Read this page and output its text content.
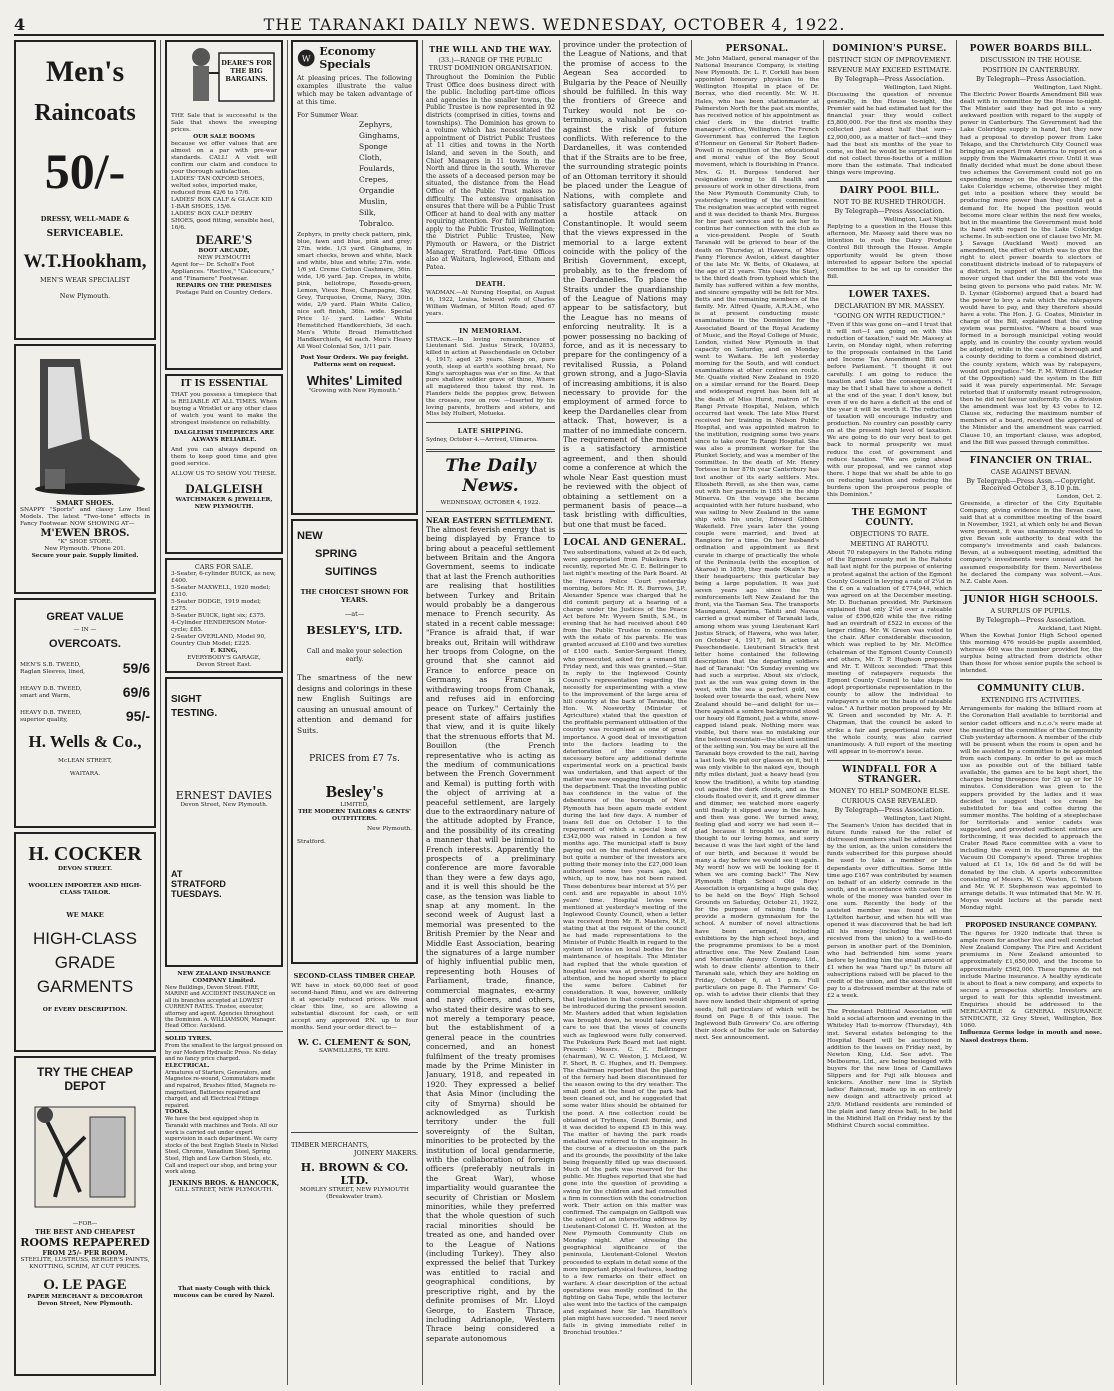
4	THE TARANAKI DAILY NEWS. WEDNESDAY, OCTOBER 4, 1922.
Men's
Raincoats
50/-
DRESSY, WELL-MADE &
SERVICEABLE.
W.T.Hookham,
MEN'S WEAR SPECIALIST
New Plymouth.
SMART SHOES.
SNAPPY "Sports" and classy Low Heel Models. The latest "Two-tone" effects in Fancy Footwear. NOW SHOWING AT—
M'EWEN BROS.
"K" SHOE STORE.
New Plymouth. 'Phone 201.
Secure your pair. Supply limited.
GREAT VALUE
— IN —
OVERCOATS.
MEN'S S.B. TWEED, Raglan Sleeves, lined,	59/6
HEAVY D.B. TWEED, smart and Warm,	69/6
HEAVY D.B. TWEED, superior quality,	95/-
H. Wells & Co.,
McLEAN STREET,
WAITARA.
H. COCKER
DEVON STREET.
WOOLLEN IMPORTER AND HIGH-CLASS TAILOR.
WE MAKE
HIGH-CLASS
GRADE
GARMENTS
OF EVERY DESCRIPTION.
TRY THE CHEAP DEPOT
—FOR—
THE BEST AND CHEAPEST
ROOMS REPAPERED
FROM 25/- PER ROOM.
STEELITE, LUSTRUSS, BERGER'S PAINTS, KNOTTING, SCRIM, AT CUT PRICES.
O. LE PAGE
PAPER MERCHANT & DECORATOR
Devon Street, New Plymouth.
DEARE'S FOR THE BIG BARGAINS.
THE Sale that is successful is the Sale that shows the sweeping prices.
OUR SALE BOOMS
because we offer values that are almost on a par with pre-war standards. CALL! A visit will confirm our claim and conduce to your thorough satisfaction.
LADIES' TAN OXFORD SHOES, welted soles, imported make, reduced from 42/6 to 17/6.
LADIES' BOX CALF & GLACE KID 1-BAR SHOES, 15/6.
LADIES' BOX CALF DERBY SHOES, good fitting, sensible heel, 16/6.
DEARE'S
BOOT ARCADE,
NEW PLYMOUTH
Agent for— Dr. Scholl's Foot Appliances. "Rective," "Calcecure," and "Finamere" Footwear.
REPAIRS ON THE PREMISES
Postage Paid on Country Orders.
IT IS ESSENTIAL
THAT you possess a timepiece that is RELIABLE AT ALL TIMES. When buying a Wristlet or any other class of watch you want to make the strongest insistence on reliability.
DALGLEISH TIMEPIECES ARE ALWAYS RELIABLE.
And you can always depend on them to keep good time and give good service.
ALLOW US TO SHOW YOU THESE.
DALGLEISH
WATCHMAKER & JEWELLER, NEW PLYMOUTH.
CARS FOR SALE.
3-Seater, 6-cylinder BUICK, as new, £400.
5-Seater MAXWELL, 1920 model; £310.
5-Seater DODGE, 1919 model; £275.
5-Seater BUICK, light six; £375.
4-Cylinder HENDERSON Motor-cycle; £85.
2-Seater OVERLAND, Model 90, Country Club Model; £225.
F. KING,
EVERYBODY'S GARAGE,
Devon Street East.
SIGHT
TESTING.
ERNEST DAVIES
Devon Street, New Plymouth.
AT
STRATFORD
TUESDAYS.
NEW ZEALAND INSURANCE COMPANY Limited.
New Buildings, Devon Street. FIRE, MARINE and ACCIDENT INSURANCE on all its branches accepted at LOWEST CURRENT RATES. Trustee, executor, attorney and agent. Agencies throughout the Dominion. A. WILLIAMSON, Manager. Head Office: Auckland.
SOLID TYRES.
From the smallest to the largest pressed on by our Modern Hydraulic Press. No delay and no fancy price charged.
ELECTRICAL.
Armatures of Starters, Generators, and Magnetos re-wound, Commutators made and repaired, Brushes fitted, Magnets re-magnetised, Batteries repaired and charged, and all Electrical Fittings repaired.
TOOLS.
We have the best equipped shop in Taranaki with machines and Tools. All our work is carried out under expert supervision in each department. We carry stocks of the best English Steels in Nickel Steel, Chrome, Vanadium Steel, Spring Steel, High and Low Carbon Steels, etc. Call and inspect our shop, and bring your work along.
JENKINS BROS. & HANCOCK,
GILL STREET, NEW PLYMOUTH.
That nasty Cough with thick mucous can be cured by Nazol.
W
Economy Specials
At pleasing prices. The following examples illustrate the value which may be taken advantage of at this time.
For Summer Wear.
Zephyrs,
Ginghams,
Sponge
Cloth,
Foulards,
Crepes,
Organdie
Muslin,
Silk,
Tobralco.
Zephyrs, in pretty check pattern, pink, blue, fawn and blue, pink and grey; 27in. wide. 1/3 yard. Ginghams, in smart checks, brown and white, black and white, blue and white; 27in. wide. 1/6 yd. Creme Cotton Cashmere, 36in. wide, 1/6 yard. Jap. Crepes, in white, pink, heliotrope, Rosedu-green, Lemon, Vieux Rose, Champagne, Sky, Grey, Turquoise, Creme, Navy, 30in. wide, 2/9 yard. Plain White Calico, nice soft finish, 36in. wide. Special Price 1/- yard. Ladies' White Hemstitched Handkerchiefs, 3d each. Men's White Broad Hemstitched Handkerchiefs, 4d each. Men's Heavy All Wool Colonial Sox, 1/11 pair.
Post Your Orders. We pay freight. Patterns sent on request.
Whites' Limited
"Growing with New Plymouth."
NEW
SPRING
SUITINGS
THE CHOICEST SHOWN FOR YEARS.
—at—
BESLEY'S, LTD.
Call and make your selection early.
The smartness of the new designs and colorings in these new English Suitings are causing an unusual amount of attention and demand for Suits.
PRICES from £7 7s.
Besley's
LIMITED,
THE MODERN TAILORS & GENTS' OUTFITTERS.
New Plymouth.
Stratford.
SECOND-CLASS TIMBER CHEAP.
WE have in stock 60,000 feet of good second-hand Rimu, and we are delivering it at specially reduced prices. We must clear this line, so are allowing a substantial discount for cash, or will accept any approved P.N. up to four months. Send your order direct to—
W. C. CLEMENT & SON,
SAWMILLERS, TE KIRI.
TIMBER MERCHANTS,
JOINERY MAKERS.
H. BROWN & CO. LTD.
MORLEY STREET, NEW PLYMOUTH (Breakwater tram).
THE WILL AND THE WAY.
(33.)—RANGE OF THE PUBLIC TRUST DOMINION ORGANISATION.
Throughout the Dominion the Public Trust Office does business direct with the public. Including part-time offices and agencies in the smaller towns, the Public Trustee is now represented in 92 districts (comprised in cities, towns and townships). The Dominion has grown to a volume which has necessitated the appointment of District Public Trustees at 11 cities and towns in the North Island, and seven in the South, and Chief Managers in 11 towns in the North and three in the south. Wherever the assets of a deceased person may be situated, the distance from the Head Office of the Public Trust makes no difficulty. The extensive organisation ensures that there will be a Public Trust Officer at hand to deal with any matter requiring attention. For full information apply to the Public Trustee, Wellington; the District Public Trustee, New Plymouth or Hawera, or the District Manager, Stratford. Part-time Offices also at Waitara, Inglewood, Eltham and Patea.
DEATH.
WADMAN.—At Nursing Hospital, on August 16, 1922, Louisa, beloved wife of Charles William Wadman, of Milton Road; aged 67 years.
IN MEMORIAM.
STRACK.—In loving remembrance of Lieutenant Sid. Justus Strack, 10/2853, killed in action at Passchendaele on October 4, 1917; aged 25 years. Sleep on, pure youth, sleep at earth's soothing breast, No King's sarcophagus was e'er so fine. As that pure shallow soldier grave of thine, Where all magistered thou takest thy rest. In Flanders fields the poppies grow, Between the crosses, row on row. —Inserted by his loving parents, brothers and sisters, and Miss Isly Hulbert, Motueka.
LATE SHIPPING.
Sydney, October 4.—Arrived, Ulimaroa.
The Daily News.
WEDNESDAY, OCTOBER 4, 1922.
NEAR EASTERN SETTLEMENT.
The almost feverish energy that is being displayed by France to bring about a peaceful settlement between Britain and the Angora Government, seems to indicate that at last the French authorities are realising that hostilities between Turkey and Britain would probably be a dangerous menace to French security. As stated in a recent cable message: "France is afraid that, if war breaks out, Britain will withdraw her troops from Cologne, on the ground that she cannot aid France to enforce peace on Germany, as France is withdrawing troops from Chanak, and refuses aid in enforcing peace on Turkey." Certainly the present state of affairs justifies that view, and it is quite likely that the strenuous efforts that M. Bouillon (the French representative who is acting as the medium of communications between the French Government and Kemal) is putting forth with the object of arriving at a peaceful settlement, are largely due to the extraordinary nature of the attitude adopted by France, and the possibility of its creating a manner that will be inimical to French interests. Apparently the prospects of a preliminary conference are more favorable than they were a few days ago, and it is well this should be the case, as the tension was liable to snap at any moment. In the second week of August last a memorial was presented to the British Premier by the Near and Middle East Association, bearing the signatures of a large number of highly influential public men, representing both Houses of Parliament, trade, finance, commercial magnates, ex-army and navy officers, and others, who stated their desire was to see not merely a temporary peace, but the establishment of a general peace in the countries concerned, and an honest fulfilment of the treaty promises made by the Prime Minister in January, 1918, and repeated in 1920. They expressed a belief that Asia Minor (including the city of Smyrna) should be acknowledged as Turkish territory under the full sovereignty of the Sultan, minorities to be protected by the institution of local gendarmerie, with the collaboration of foreign officers (preferably neutrals in the Great War), whose impartiality would guarantee the security of Christian or Moslem minorities, while they preferred that the whole question of such racial minorities should be treated as one, and handed over to the League of Nations (including Turkey). They also expressed the belief that Turkey was entitled to racial and geographical conditions, by prescriptive right, and by the definite promises of Mr. Lloyd George, to Eastern Thrace, including Adrianople, Western Thrace being considered a separate autonomous
province under the protection of the League of Nations, and that the promise of access to the Aegean Sea accorded to Bulgaria by the Peace of Neuilly should be fulfilled. In this way the frontiers of Greece and Turkey would not be co-terminous, a valuable provision against the risk of future conflicts. With reference to the Dardanelles, it was contended that if the Straits are to be free, the surrounding strategic points of an Ottoman territory it should be placed under the League of Nations, with complete and satisfactory guarantees against a hostile attack on Constantinople. It would seem that the views expressed in the memorial to a large extent coincide with the policy of the British Government, except, probably, as to the freedom of the Dardanelles. To place the Straits under the guardianship of the League of Nations may appear to be satisfactory, but the League has no means of enforcing neutrality. It is a power possessing no backing of force, and as it is necessary to prepare for the contingency of a revitalised Russia, a Poland grown strong, and a Jugo-Slavia of increasing ambitions, it is also necessary to provide for the employment of armed force to keep the Dardanelles clear from attack. That, however, is a matter of no immediate concern. The requirement of the moment is a satisfactory armistice agreement, and then should come a conference at which the whole Near East question must be reviewed with the object of obtaining a settlement on a permanent basis of peace—a task bristling with difficulties, but one that must be faced.
LOCAL AND GENERAL.
Two subordinations, valued at 2s 6d each, were appropriated from Pukekura Park recently, reported Mr. C. E. Bellringer to last night's meeting of the Park Board. At the Hawera Police Court yesterday morning, before Mr. H. R. Burrows, J.P., Alexander Spence was charged that he did commit perjury at a hearing of a charge under the Justices of the Peace Act before Mr. Wyvern Smith, S.M., in evening that he had received about £40 from the Public Trustee in connection with the estate of his parents. He was granted accused at £100 and two sureties of £100 each. Senior-Sergeant Henry, who prosecuted, asked for a remand till Friday next, and this was granted.—Star. In reply to the Inglewood County Council's representation regarding the necessity for experimenting with a view to the improvement of the large area of hill country at the back of Taranaki, the Hon. W. Nosworthy (Minister of Agriculture) stated that the question of the profitable permanent utilisation of the country was recognised as one of great importance. A good deal of investigation into the factors leading to the deterioration of the country was necessary before any additional definite experimental work on a practical basis was undertaken, and that aspect of the matter was now engaging the attention of the department. That the investing public has confidence in the value of the debentures of the borough of New Plymouth has been again made evident during the last few days. A number of loans fell due on October 1 to the repayment of which a special loan of £342,000 was raised in London a few months ago. The municipal staff is busy paying out on the matured debentures, but quite a number of the investors are putting their money into the £27,000 loan authorised some two years ago, but which, up to now, has not been raised. These debentures bear interest at 5½ per cent. and are repayable in about 10½ years' time. Hospital levies were mentioned at yesterday's meeting of the Inglewood County Council, when a letter was received from Mr. R. Masters, M.P., stating that at the request of the council he had made representations to the Minister of Public Health in regard to the system of levies on local bodies for the maintenance of hospitals. The Minister had replied that the whole question of hospital levies was at present engaging attention, and he hoped shortly to place the same before Cabinet for consideration. It was, however, unlikely that legislation in that connection would be introduced during the present session. Mr. Masters added that when legislation was brought down, he would take every care to see that the views of councils such as Inglewood were fully conserved. The Pukekura Park Board met last night. Present: Messrs. C. E. Bellringer (chairman), W. C. Weston, J. McLeod, W. F. Short, R. C. Hughes, and H. Dempsey. The chairman reported that the planting of the fernery had been discontinued for the season owing to the dry weather. The small pond at the head of the park had been cleaned out, and he suggested that some water lilies should be obtained for the pond. A fine collection could be obtained at Trythens, Grant Burnie, and it was decided to expend £5 in this way. The matter of having the park roads metalled was referred to the engineer. In the course of a discussion on the park and its grounds, the possibility of the lake being frequently filled up was discussed. Much of the park was reserved for the public. Mr. Hughes reported that she had gone into the question of providing a swing for the children and had consulted a firm in connection with the construction work. Their action on this matter was confirmed. The campaign on Gallipoli was the subject of an interesting address by Lieutenant-Colonel C. H. Weston at the New Plymouth Community Club on Monday night. After stressing the geographical significance of the peninsula, Lieutenant-Colonel Weston proceeded to explain in detail some of the more important physical features, leading to a few remarks on their effect on warfare. A clear description of the actual operations was mostly confined to the fighting on Gaba Tepe, while the lecturer also went into the tactics of the campaign and explained how Sir Ian Hamilton's plan might have succeeded. "I need never fails in giving immediate relief in Bronchial troubles."
PERSONAL.
Mr. John Mallard, general manager of the National Insurance Company, is visiting New Plymouth. Dr. L. F. Corkill has been appointed honorary physician to the Wellington Hospital in place of Dr. Borrax, who died recently. Mr. W. H. Hales, who has been stationmaster at Palmerston North for the past six months, has received notice of his appointment as chief clerk in the district traffic manager's office, Wellington. The French Government has conferred the Legion d'Honneur on General Sir Robert Baden-Powell in recognition of the educational and moral value of the Boy Scout movement, which is flourishing in France. Mrs. G. H. Burgess tendered her resignation owing to ill health and pressure of work in other directions, from the New Plymouth Community Club, to yesterday's meeting of the committee. The resignation was accepted with regret and it was decided to thank Mrs. Burgess for her past services and to ask her to continue her connection with the club as a vice-president. People of South Taranaki will be grieved to hear of the death on Thursday, at Hawera, of Miss Fanny Florence Avelon, eldest daughter of the late Mr. W. Betts, of Okaiawa, at the age of 21 years. This (says the Star), is the third death from typhoid which the family has suffered within a few months, and sincere sympathy will be felt for Mrs. Betts and the remaining members of the family. Mr. Alfred Quaife, A.R.A.M., who is at present conducting music examinations in the Dominion for the Associated Board of the Royal Academy of Music, and the Royal College of Music, London, visited New Plymouth in that capacity on Saturday, and on Monday went to Waitara. He left yesterday morning for the South, and will conduct examinations at other centres en route. Mr. Quaife visited New Zealand in 1920 on a similar errand for the Board. Deep and widespread regret has been felt at the death of Miss Hurst, matron of Te Rangi Private Hospital, Nelson, which occurred last week. The late Miss Hurst received her training in Nelson Public Hospital, and was appointed matron to the institution, resigning some two years since to take over Te Rangi Hospital. She was also a prominent worker for the Plunket Society, and was a member of the committee. In the death of Mr. Henry Tortesse in her 87th year Canterbury has lost another of its early settlers. Mrs. Elizabeth Revell, as she then was, came out with her parents in 1851 in the ship Minerva. On the voyage she became acquainted with her future husband, who was sailing to New Zealand in the same ship with his uncle, Edward Gibbon Wakefield. Five years later the young couple were married, and lived at Rangiora for a time. On her husband's ordination and appointment as first curate in charge of practically the whole of the Peninsula (with the exception of Akaroa) in 1859, they made Okain's Bay their headquarters; this particular bay being a large population. It was just seven years ago since the 7th reinforcements left New Zealand for the front, via the Tasman Sea. The transports Maunganui, Aparima, Tahiti and Navua carried a great number of Taranaki lads, among whom was young Lieutenant Karl Justus Strack, of Hawera, who was later, on October 4, 1917, fell in action at Passchendaele. Lieutenant Strack's first letter home contained the following description that the departing soldiers had of Taranaki: "On Sunday evening we had such a surprise. About six o'clock, just as the sun was going down in the west, with the sea a perfect gold, we looked over towards the east, where New Zealand should be—and delight for us—there against a sombre background stood our hoary old Egmont, just a white, snow-capped island peak. Nothing more was visible, but there was no mistaking our fine beloved mountain—the silent sentinel of the setting sun. You may be sure all the Taranaki boys crowded to the rail, having a last look. We put our glasses on it, but it was only visible to the naked eye, though fifty miles distant, just a heavy head (you know the tradition), a white top standing out against the dark clouds, and as the clouds floated over it, and it grew dimmer and dimmer, we watched more eagerly until finally it slipped away in the haze, and then was gone. We turned away, feeling glad and sorry we had seen it—glad because it brought us nearer in thought to our loving homes, and sorry because it was the last sight of the land of our birth, and because it would be many a day before we would see it again. My word! how we will be looking for it when we are coming back!" The New Plymouth High School Old Boys' Association is organising a huge gala day, to be held on the Boys' High School Grounds on Saturday, October 21, 1922, for the purpose of raising funds to provide a modern gymnasium for the school. A number of novel attractions have been arranged, including exhibitions by the high school boys, and the programme promises to be a most attractive one. The New Zealand Loan and Mercantile Agency Company, Ltd., wish to draw clients' attention to their Taranaki sale, which they are holding on Friday, October 6, at 1 p.m. Full particulars on page 8. The Farmers' Co-op. wish to advise their clients that they have now landed their shipment of spring seeds, full particulars of which will be found on Page 8 of this issue. The Inglewood Bulb Growers' Co. are offering their stock of bulbs for sale on Saturday next. See announcement.
DOMINION'S PURSE.
DISTINCT SIGN OF IMPROVEMENT.
REVENUE MAY EXCEED ESTIMATE.
By Telegraph—Press Association.
Wellington, Last Night.
Discussing the question of revenue generally, in the House to-night, the Premier said he had estimated last for the financial year they would collect £5,800,000. For the first six months they collected just about half that sum—£2,900,000, as a matter of fact—and they had the best six months of the year to come, so that he would be surprised if he did not collect three-fourths of a million more than the estimate. That indicated things were improving.
DAIRY POOL BILL.
NOT TO BE RUSHED THROUGH.
By Telegraph—Press Association.
Wellington, Last Night.
Replying to a question in the House this afternoon, Mr. Massey said there was no intention to rush the Dairy Produce Control Bill through the House. Ample opportunity would be given those interested to appear before the special committee to be set up to consider the Bill.
LOWER TAXES.
DECLARATION BY MR. MASSEY.
"GOING ON WITH REDUCTION."
"Even if this was gone on—and I trust that it will not—I am going on with this reduction of taxation," said Mr. Massey at Levin, on Monday night, when referring to the proposals contained in the Land and Income Tax Amendment Bill now before Parliament. "I thought it out carefully. I am going to reduce the taxation and take the consequences. "I may be that I shall have to show a deficit at the end of the year. I don't know, but even if we do have a deficit at the end of the year it will be worth it. The reduction of taxation will encourage industry and production. No country can possibly carry on at the present high level of taxation. We are going to do our very best to get back to normal prosperity we must reduce the cost of government and reduce taxation. "We are going ahead with our proposal, and we cannot stop there. I hope that we shall be able to go on reducing taxation and reducing the burdens upon the prosperous people of this Dominion."
THE EGMONT COUNTY.
OBJECTIONS TO RATE.
MEETING AT RAHOTU.
About 70 ratepayers in the Rahotu riding of the Egmont county met in the Rahotu hall last night for the purpose of entering a protest against the action of the Egmont County Council in levying a rate of 2¼d in the £ on a valuation of £774,944, which was agreed on at the December meeting. Mr. D. Buchanan presided. Mr. Parkinson explained that only 2¼d over a rateable value of £596,626 while the five riding had an overdraft of £522 in excess of the larger riding. Mr. W. Green was voted to the chair. After considerable discussion, which was replied to by Mr. McOffice (chairman of the Egmont County Council) and others, Mr. T. P. Hughson proposed and Mr. T. Willcox seconded: "That this meeting of ratepayers requests the Egmont County Council to take steps to adopt proportionate representation in the county to allow the individual to ratepayers a vote on the basis of rateable value." A further motion proposed by Mr. W. Green and seconded by Mr. A. F. Chapman, that the council be asked to strike a fair and proportional rate over the whole county, was also carried unanimously. A full report of the meeting will appear in to-morrow's issue.
WINDFALL FOR A STRANGER.
MONEY TO HELP SOMEONE ELSE.
CURIOUS CASE REVEALED.
By Telegraph—Press Association.
Wellington, Last Night.
The Seamen's Union has decided that in future funds raised for the relief of distressed members shall be administered by the union, as the union considers the funds subscribed for this purpose should be used to take a member or his dependants over difficulties. Some little time ago £167 was contributed by seamen on behalf of an elderly comrade in the south, and in accordance with custom the whole of the money was handed over in one sum. Recently the body of the assisted member was found at the Lyttelton harbour, and when his will was opened it was discovered that he had left all his money (including the amount received from the union) to a well-to-do person in another part of the Dominion, who had befriended him some years before by lending him the small amount of £1 when he was "hard up." In future all subscriptions raised will be placed to the credit of the union, and the executive will pay to a distressed member at the rate of £2 a week.
The Protestant Political Association will hold a social afternoon and evening in the Whiteley Hall to-morrow (Thursday), 4th inst. Several estates belonging to the Hospital Board will be auctioned in addition to the leases on Friday next, by Newton King, Ltd. See advt. The Melbourne, Ltd., are being besieged with buyers for the new lines of Camillaws Slippers and for Fuji silk blouses and knickers. Another new line is Stylish ladies' Raincoat, made up in an entirely new design and attractively priced at 25/9. Midland residents are reminded of the plain and fancy dress ball, to be held in the Midhirst Hall on Friday next by the Midhirst Church social committee.
POWER BOARDS BILL.
DISCUSSION IN THE HOUSE.
POSITION IN CANTERBURY.
By Telegraph—Press Association.
Wellington, Last Night.
The Electric Power Boards Amendment Bill was dealt with in committee by the House to-night. The Minister said they had got into a very awkward position with regard to the supply of power in Canterbury. The Government had the Lake Coleridge supply in hand, but they now had a proposal to develop power from Lake Tekapo, and the Christchurch City Council was bringing an expert from America to report on a supply from the Waimakariri river. Until it was finally decided what must be done about these two schemes the Government could not go on expending money on the development of the Lake Coleridge scheme, otherwise they might get into a position where they would be producing more power than they could get a demand for. He hoped the position would become more clear within the next few weeks, but in the meantime the Government must hold its hand with regard to the Lake Coleridge scheme. In sub-section one of clause two Mr. M. J. Savage (Auckland West) moved an amendment, the effect of which was to give the right to elect power boards to electors of constituent districts instead of to ratepayers of a district. In support of the amendment the mover urged that under the Bill the vote was being given to persons who paid rates. Mr. W. D. Lysnar (Gisborne) argued that a board had the power to levy a rate which the ratepayers would have to pay, and they therefore should have a vote. The Hon. J. G. Coates, Minister in charge of the Bill, explained that the voting system was permissive. "Where a board was formed in a borough municipal voting would apply, and in country the county system would be adopted, while in the case of a borough and a county deciding to form a combined district, the county system, which was by ratepayers, would not prejudice." Mr. F. M. Wilford (Leader of the Opposition) said the system in the Bill said it was purely experimental. Mr. Savage retorted that if uniformity meant retrogression, then he did not favour uniformity. On a division the amendment was lost by 43 votes to 12. Clause six, reducing the maximum number of members of a board, received the approval of the Minister and the amendment was carried. Clause 10, an important clause, was adopted, and the Bill was passed through committee.
FINANCIER ON TRIAL.
CASE AGAINST BEVAN.
By Telegraph—Press Assn.—Copyright. Received October 3, 8.10 p.m.
London, Oct. 2.
Greenside, a director of the City Equitable Company, giving evidence in the Bevan case, said that at a committee meeting of the board in November, 1921, at which only he and Bevan were present, it was unanimously resolved to give Bevan sole authority to deal with the company's investments and cash balances. Bevan, at a subsequent meeting, admitted the company's investments were unusual and he assumed responsibility for them. Nevertheless he declared the company was solvent.—Aus. N.Z. Cable Assn.
JUNIOR HIGH SCHOOLS.
A SURPLUS OF PUPILS.
By Telegraph—Press Association.
Auckland, Last Night.
When the Kowhai Junior High School opened this morning 476 would-be pupils assembled, whereas 400 was the number provided for, the surplus being attracted from districts other than those for whose senior pupils the school is intended.
COMMUNITY CLUB.
EXTENDING ITS ACTIVITIES.
Arrangements for making the billiard room at the Coronation Hall available to territorial and senior cadet officers and n.c.o.'s were made at the meeting of the committee of the Community Club yesterday afternoon. A member of the club will be present when the room is open and he will be assisted by a committee to be appointed from each company. In order to get as much use as possible out of the billiard table available, the games are to be kept short, the charges being threepence for 25 up or for 10 minutes. Consideration was given to the suppers provided by the ladies and it was decided to suggest that ice cream be substituted for tea and coffee during the summer months. The holding of a steeplechase for territorials and senior cadets was suggested, and provided sufficient entries are forthcoming, it was decided to approach the Crater Road Race committee with a view to including the event in its programme at the Vacuum Oil Company's speed. Three trophies valued at £1 1s, 10s 6d and 5s 6d will be donated by the club. A sports subcommittee consisting of Messrs. W. C. Weston, C. Watson and Mr. W. F. Stephenson was appointed to arrange details. It was intimated that Mr. W. H. Moyes would lecture at the parade next Monday night.
PROPOSED INSURANCE COMPANY.
The figures for 1920 indicate that three is ample room for another live and well conducted New Zealand Company. The Fire and Accident premiums in New Zealand amounted to approximately £1,650,000, and the Income to approximately £562,000. These figures do not include Marine insurance. A healthy syndicate is about to float a new company, and expects to secure a prospectus shortly. Investors are urged to wait for this splendid investment. Enquiries should be addressed to the MERCANTILE & GENERAL INSURANCE SYNDICATE, 32 Grey Street, Wellington, Box 1060.
Influenza Germs lodge in mouth and nose. Nasol destroys them.
